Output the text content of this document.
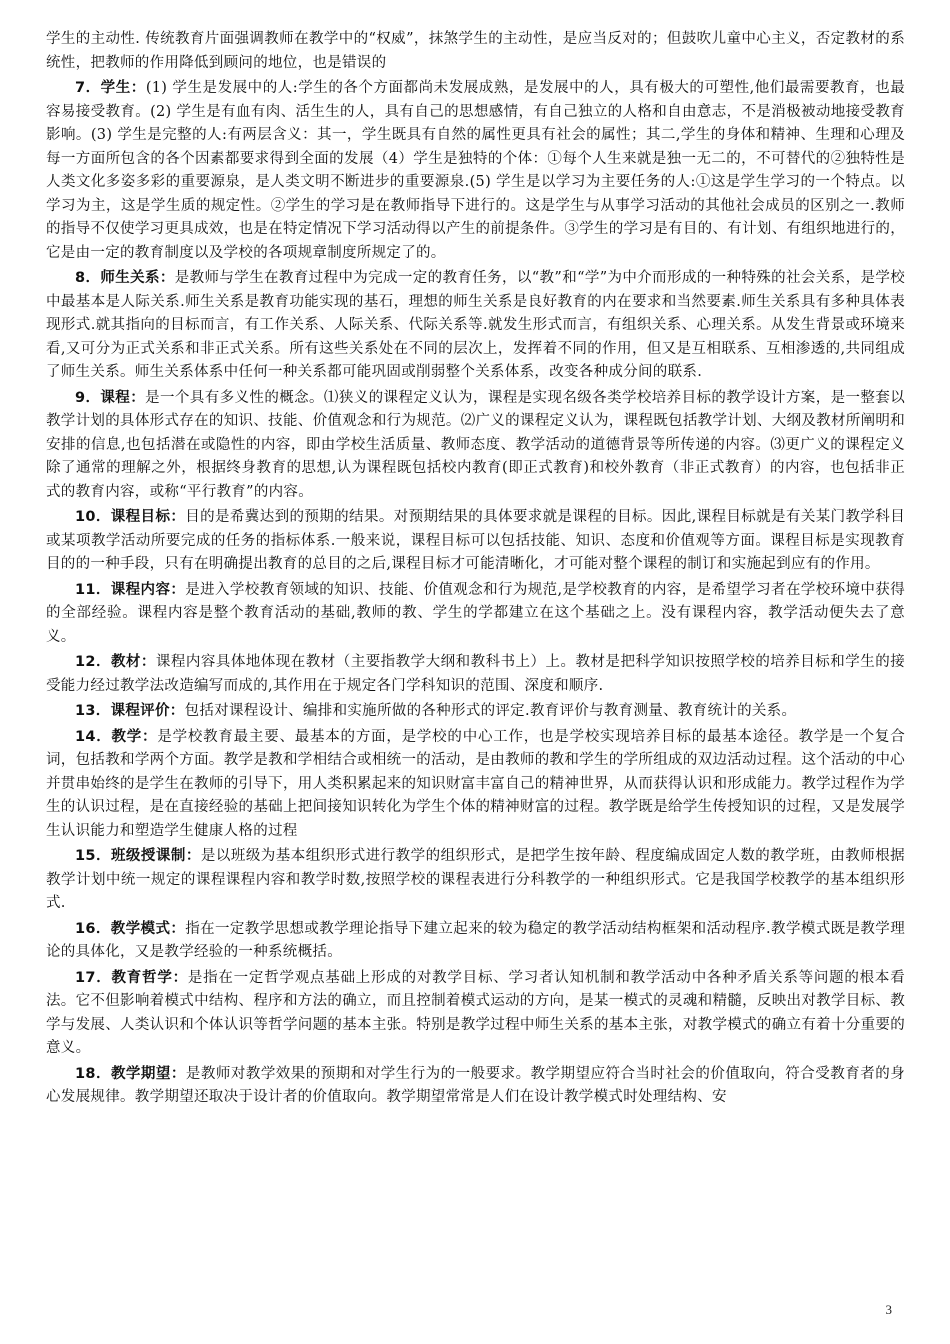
学生的主动性. 传统教育片面强调教师在教学中的“权威”，抹煞学生的主动性，是应当反对的；但鼓吹儿童中心主义，否定教材的系统性，把教师的作用降低到顾问的地位，也是错误的

7．学生：(1) 学生是发展中的人:学生的各个方面都尚未发展成熟，是发展中的人，具有极大的可塑性,他们最需要教育，也最容易接受教育。(2) 学生是有血有肉、活生生的人，具有自己的思想感情，有自己独立的人格和自由意志，不是消极被动地接受教育影响。(3) 学生是完整的人:有两层含义：其一，学生既具有自然的属性更具有社会的属性；其二,学生的身体和精神、生理和心理及每一方面所包含的各个因素都要求得到全面的发展（4）学生是独特的个体：①每个人生来就是独一无二的，不可替代的②独特性是人类文化多姿多彩的重要源泉，是人类文明不断进步的重要源泉.(5) 学生是以学习为主要任务的人:①这是学生学习的一个特点。以学习为主，这是学生质的规定性。②学生的学习是在教师指导下进行的。这是学生与从事学习活动的其他社会成员的区别之一.教师的指导不仅使学习更具成效，也是在特定情况下学习活动得以产生的前提条件。③学生的学习是有目的、有计划、有组织地进行的，它是由一定的教育制度以及学校的各项规章制度所规定了的。

8．师生关系：是教师与学生在教育过程中为完成一定的教育任务，以“教”和“学”为中介而形成的一种特殊的社会关系，是学校中最基本是人际关系.师生关系是教育功能实现的基石，理想的师生关系是良好教育的内在要求和当然要素.师生关系具有多种具体表现形式.就其指向的目标而言，有工作关系、人际关系、代际关系等.就发生形式而言，有组织关系、心理关系。从发生背景或环境来看,又可分为正式关系和非正式关系。所有这些关系处在不同的层次上，发挥着不同的作用，但又是互相联系、互相渗透的,共同组成了师生关系。师生关系体系中任何一种关系都可能巩固或削弱整个关系体系，改变各种成分间的联系.

9．课程：是一个具有多义性的概念。⑴狭义的课程定义认为，课程是实现名级各类学校培养目标的教学设计方案，是一整套以教学计划的具体形式存在的知识、技能、价值观念和行为规范。⑵广义的课程定义认为，课程既包括教学计划、大纲及教材所阐明和安排的信息,也包括潜在或隐性的内容，即由学校生活质量、教师态度、教学活动的道德背景等所传递的内容。⑶更广义的课程定义除了通常的理解之外，根据终身教育的思想,认为课程既包括校内教育(即正式教育)和校外教育（非正式教育）的内容，也包括非正式的教育内容，或称“平行教育”的内容。

10．课程目标：目的是希冀达到的预期的结果。对预期结果的具体要求就是课程的目标。因此,课程目标就是有关某门教学科目或某项教学活动所要完成的任务的指标体系.一般来说，课程目标可以包括技能、知识、态度和价值观等方面。课程目标是实现教育目的的一种手段，只有在明确提出教育的总目的之后,课程目标才可能清晰化，才可能对整个课程的制订和实施起到应有的作用。

11．课程内容：是进入学校教育领域的知识、技能、价值观念和行为规范,是学校教育的内容，是希望学习者在学校环境中获得的全部经验。课程内容是整个教育活动的基础,教师的教、学生的学都建立在这个基础之上。没有课程内容，教学活动便失去了意义。

12．教材：课程内容具体地体现在教材（主要指教学大纲和教科书上）上。教材是把科学知识按照学校的培养目标和学生的接受能力经过教学法改造编写而成的,其作用在于规定各门学科知识的范围、深度和顺序.

13．课程评价：包括对课程设计、编排和实施所做的各种形式的评定.教育评价与教育测量、教育统计的关系。

14．教学：是学校教育最主要、最基本的方面，是学校的中心工作，也是学校实现培养目标的最基本途径。教学是一个复合词，包括教和学两个方面。教学是教和学相结合或相统一的活动，是由教师的教和学生的学所组成的双边活动过程。这个活动的中心并贯串始终的是学生在教师的引导下，用人类积累起来的知识财富丰富自己的精神世界，从而获得认识和形成能力。教学过程作为学生的认识过程，是在直接经验的基础上把间接知识转化为学生个体的精神财富的过程。教学既是给学生传授知识的过程，又是发展学生认识能力和塑造学生健康人格的过程

15．班级授课制：是以班级为基本组织形式进行教学的组织形式，是把学生按年龄、程度编成固定人数的教学班，由教师根据教学计划中统一规定的课程课程内容和教学时数,按照学校的课程表进行分科教学的一种组织形式。它是我国学校教学的基本组织形式.

16．教学模式：指在一定教学思想或教学理论指导下建立起来的较为稳定的教学活动结构框架和活动程序.教学模式既是教学理论的具体化，又是教学经验的一种系统概括。

17．教育哲学：是指在一定哲学观点基础上形成的对教学目标、学习者认知机制和教学活动中各种矛盾关系等问题的根本看法。它不但影响着模式中结构、程序和方法的确立，而且控制着模式运动的方向，是某一模式的灵魂和精髓，反映出对教学目标、教学与发展、人类认识和个体认识等哲学问题的基本主张。特别是教学过程中师生关系的基本主张，对教学模式的确立有着十分重要的意义。

18．教学期望：是教师对教学效果的预期和对学生行为的一般要求。教学期望应符合当时社会的价值取向，符合受教育者的身心发展规律。教学期望还取决于设计者的价值取向。教学期望常常是人们在设计教学模式时处理结构、安

3
